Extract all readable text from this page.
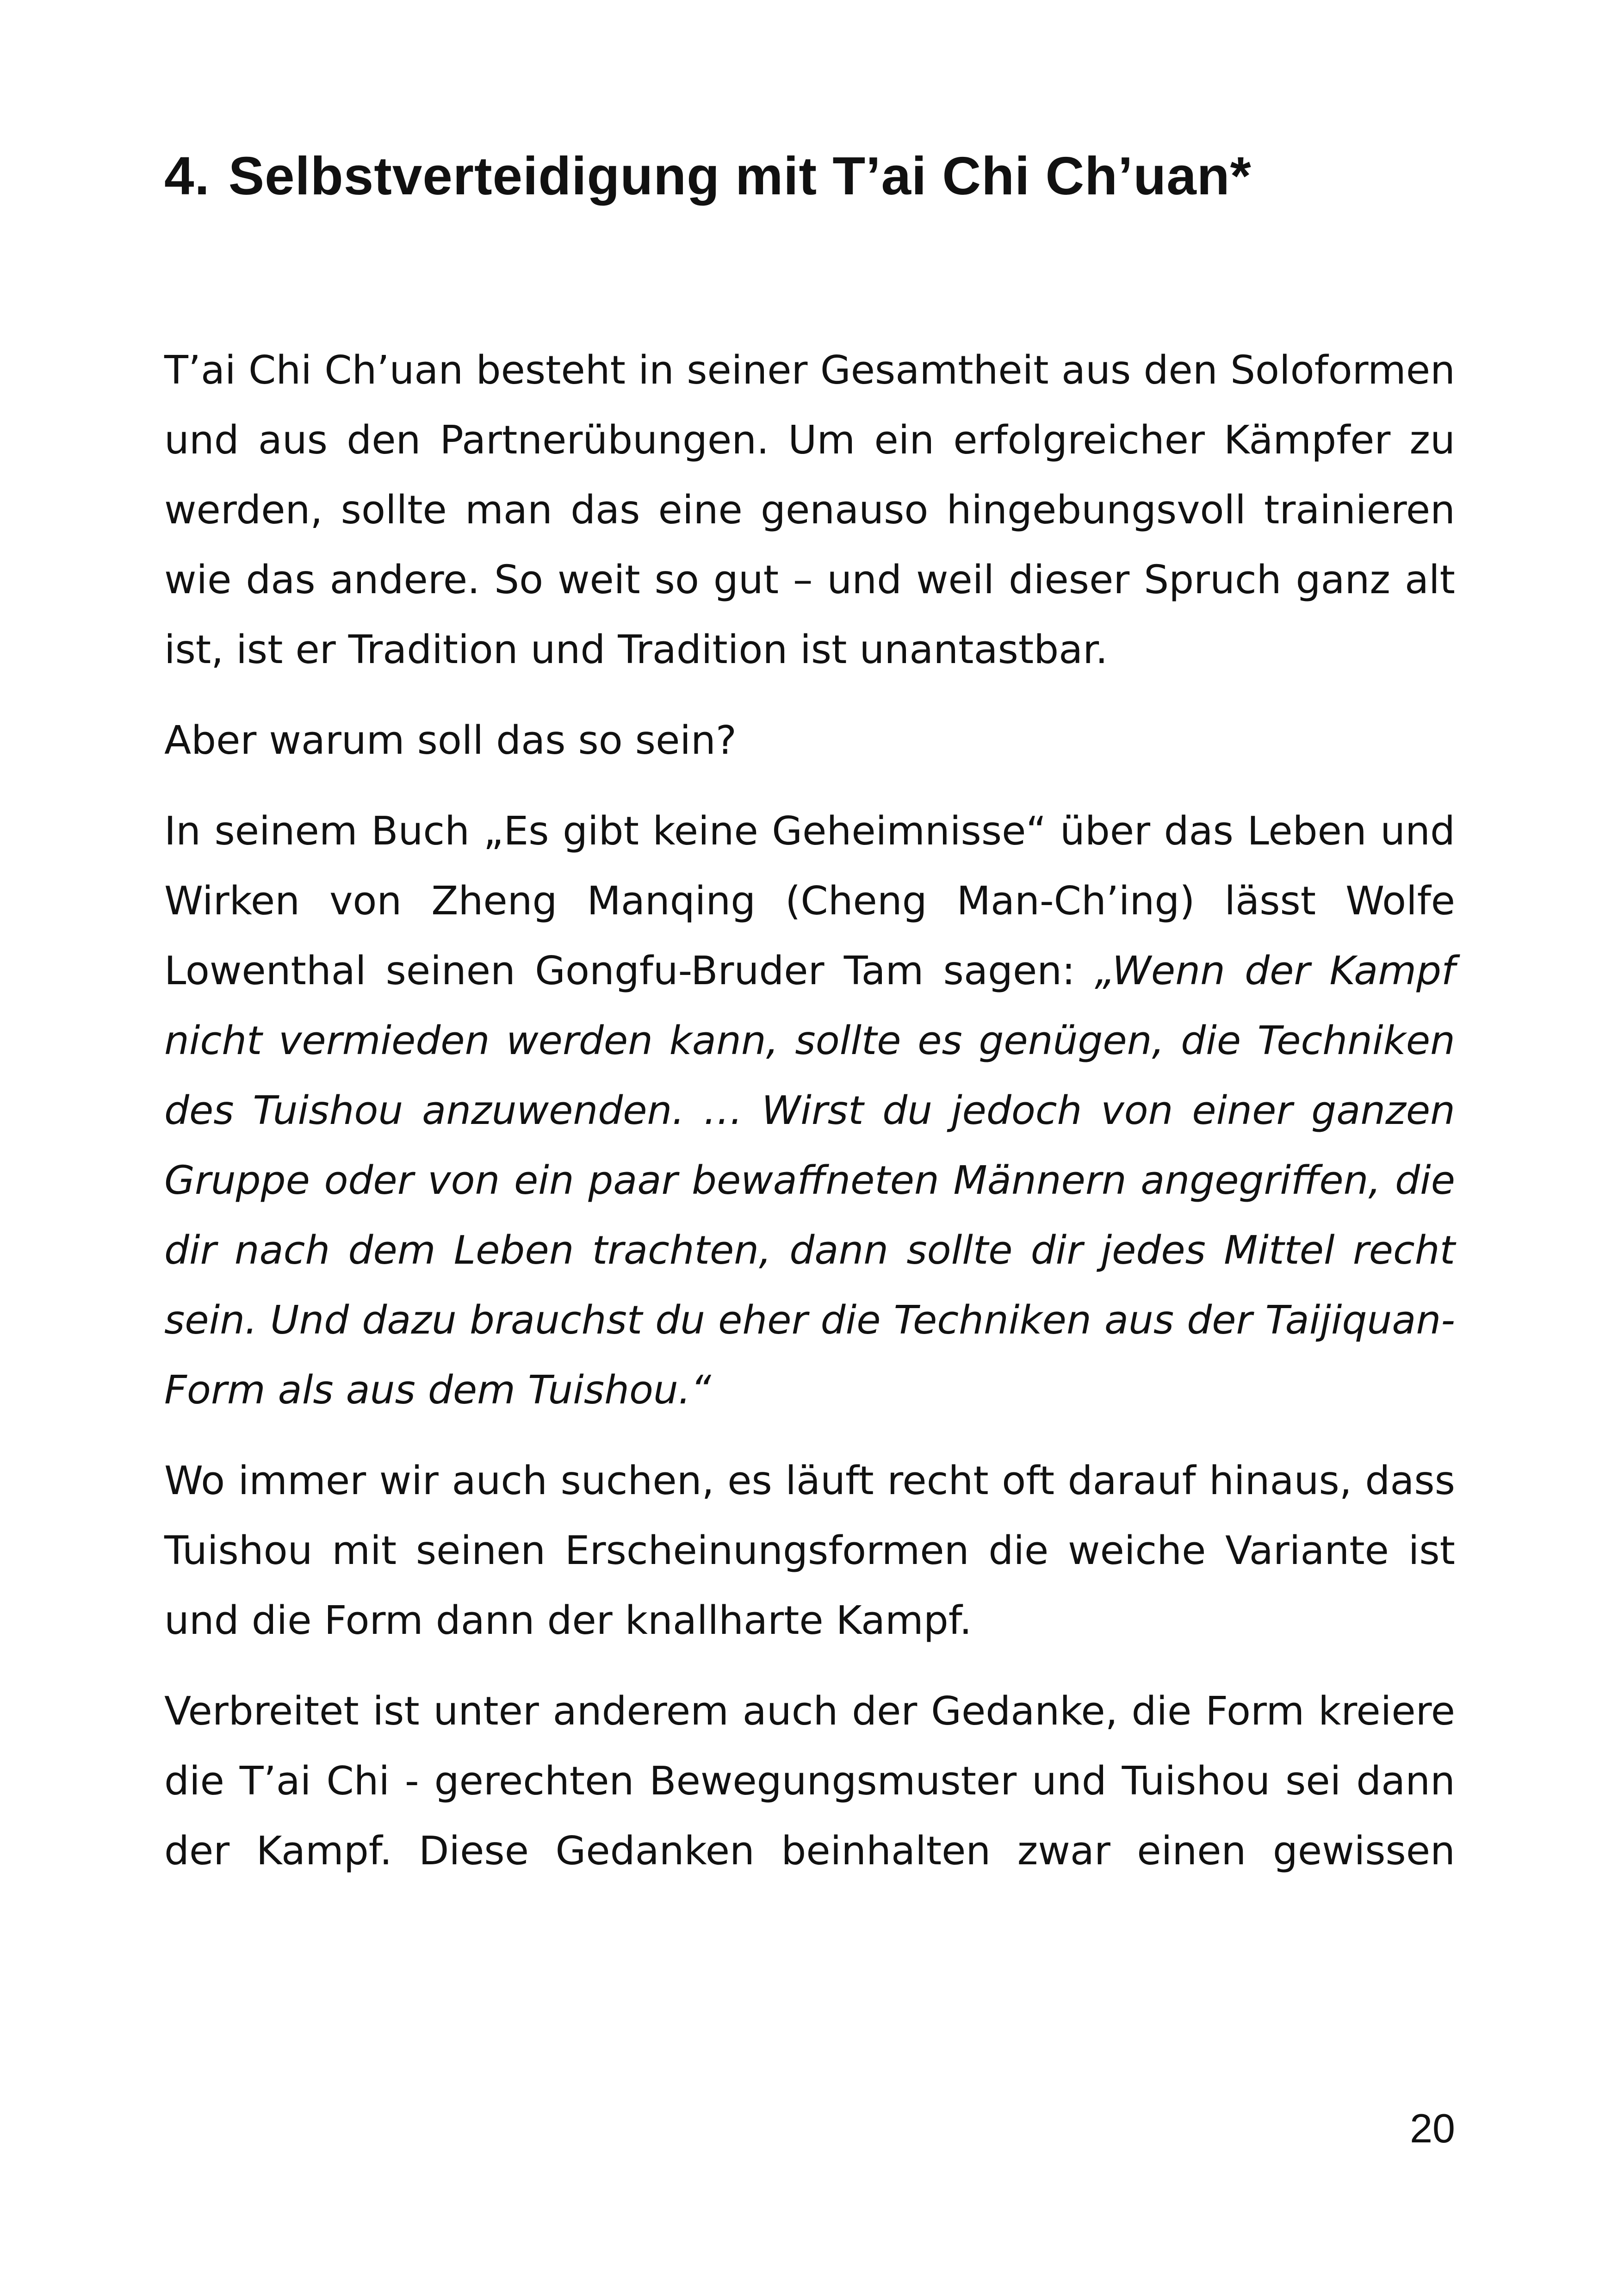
4. Selbstverteidigung mit T’ai Chi Ch’uan*

T’ai Chi Ch’uan besteht in seiner Gesamtheit aus den Soloformen und aus den Partnerübungen. Um ein erfolgreicher Kämpfer zu werden, sollte man das eine genauso hingebungsvoll trainieren wie das andere. So weit so gut – und weil dieser Spruch ganz alt ist, ist er Tradition und Tradition ist unantastbar.

Aber warum soll das so sein?

In seinem Buch „Es gibt keine Geheimnisse“ über das Leben und Wirken von Zheng Manqing (Cheng Man-Ch’ing) lässt Wolfe Lowenthal seinen Gongfu-Bruder Tam sagen: „Wenn der Kampf nicht vermieden werden kann, sollte es genügen, die Techniken des Tuishou anzuwenden. … Wirst du jedoch von einer ganzen Gruppe oder von ein paar bewaffneten Männern angegriffen, die dir nach dem Leben trachten, dann sollte dir jedes Mittel recht sein. Und dazu brauchst du eher die Techniken aus der Taijiquan-Form als aus dem Tuishou.“

Wo immer wir auch suchen, es läuft recht oft darauf hinaus, dass Tuishou mit seinen Erscheinungsformen die weiche Variante ist und die Form dann der knallharte Kampf.

Verbreitet ist unter anderem auch der Gedanke, die Form kreiere die T’ai Chi - gerechten Bewegungsmuster und Tuishou sei dann der Kampf. Diese Gedanken beinhalten zwar einen gewissen

20
